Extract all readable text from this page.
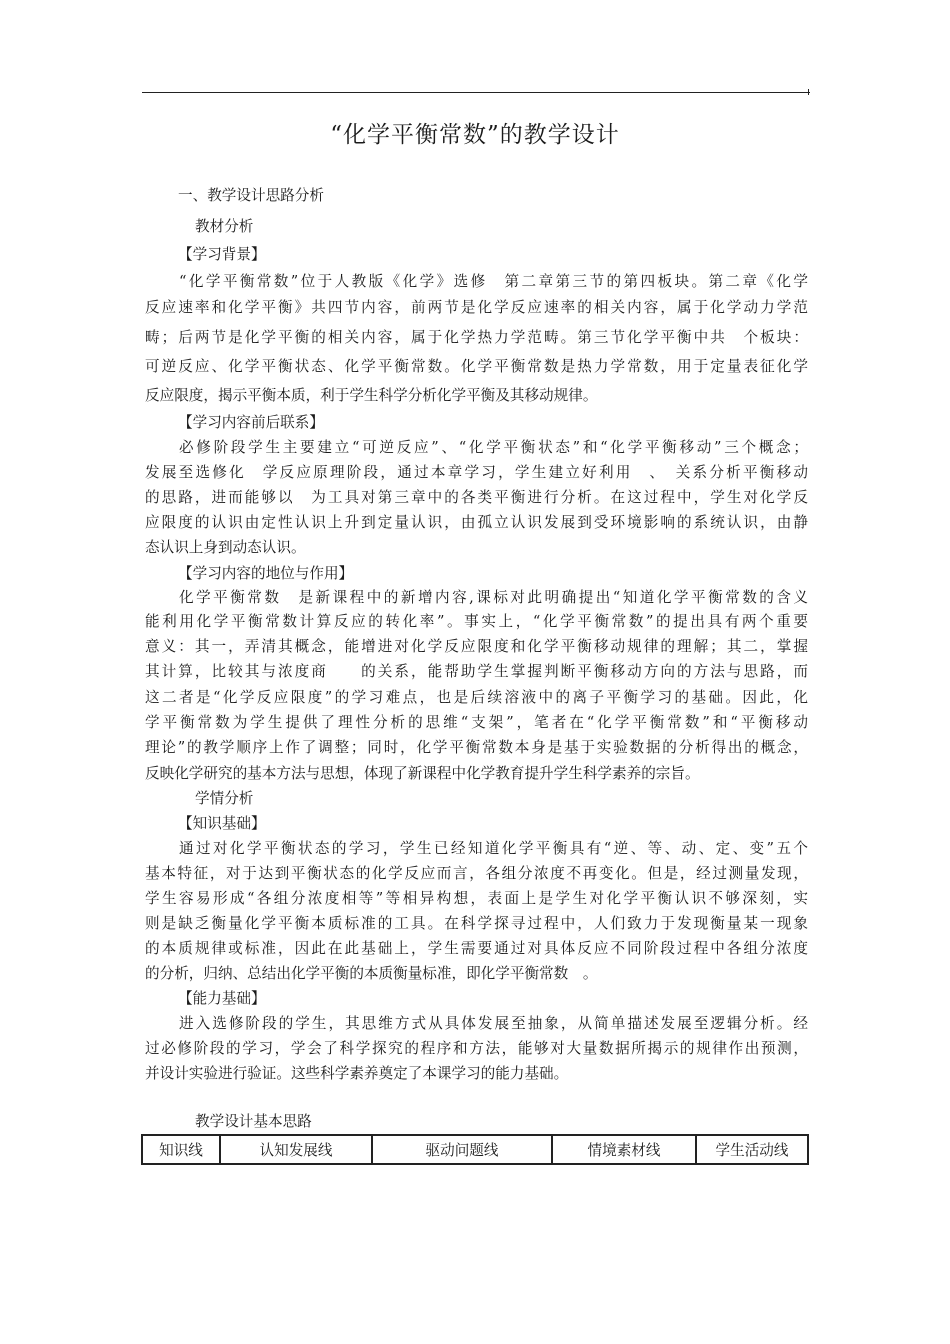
“化学平衡常数”的教学设计
一、教学设计思路分析
教材分析
【学习背景】
“化学平衡常数”位于人教版《化学》选修　第二章第三节的第四板块。第二章《化学
反应速率和化学平衡》共四节内容，前两节是化学反应速率的相关内容，属于化学动力学范
畴；后两节是化学平衡的相关内容，属于化学热力学范畴。第三节化学平衡中共　个板块：
可逆反应、化学平衡状态、化学平衡常数。化学平衡常数是热力学常数，用于定量表征化学
反应限度，揭示平衡本质，利于学生科学分析化学平衡及其移动规律。
【学习内容前后联系】
必修阶段学生主要建立“可逆反应”、“化学平衡状态”和“化学平衡移动”三个概念；
发展至选修化　学反应原理阶段，通过本章学习，学生建立好利用　、　关系分析平衡移动
的思路，进而能够以　为工具对第三章中的各类平衡进行分析。在这过程中，学生对化学反
应限度的认识由定性认识上升到定量认识，由孤立认识发展到受环境影响的系统认识，由静
态认识上身到动态认识。
【学习内容的地位与作用】
化学平衡常数　是新课程中的新增内容,课标对此明确提出“知道化学平衡常数的含义
能利用化学平衡常数计算反应的转化率”。事实上，“化学平衡常数”的提出具有两个重要
意义：其一，弄清其概念，能增进对化学反应限度和化学平衡移动规律的理解；其二，掌握
其计算，比较其与浓度商　　的关系，能帮助学生掌握判断平衡移动方向的方法与思路，而
这二者是“化学反应限度”的学习难点，也是后续溶液中的离子平衡学习的基础。因此，化
学平衡常数为学生提供了理性分析的思维“支架”，笔者在“化学平衡常数”和“平衡移动
理论”的教学顺序上作了调整；同时，化学平衡常数本身是基于实验数据的分析得出的概念，
反映化学研究的基本方法与思想，体现了新课程中化学教育提升学生科学素养的宗旨。
学情分析
【知识基础】
通过对化学平衡状态的学习，学生已经知道化学平衡具有“逆、等、动、定、变”五个
基本特征，对于达到平衡状态的化学反应而言，各组分浓度不再变化。但是，经过测量发现，
学生容易形成“各组分浓度相等”等相异构想，表面上是学生对化学平衡认识不够深刻，实
则是缺乏衡量化学平衡本质标准的工具。在科学探寻过程中，人们致力于发现衡量某一现象
的本质规律或标准，因此在此基础上，学生需要通过对具体反应不同阶段过程中各组分浓度
的分析，归纳、总结出化学平衡的本质衡量标准，即化学平衡常数　。
【能力基础】
进入选修阶段的学生，其思维方式从具体发展至抽象，从简单描述发展至逻辑分析。经
过必修阶段的学习，学会了科学探究的程序和方法，能够对大量数据所揭示的规律作出预测，
并设计实验进行验证。这些科学素养奠定了本课学习的能力基础。
教学设计基本思路
知识线	认知发展线	驱动问题线	情境素材线	学生活动线
